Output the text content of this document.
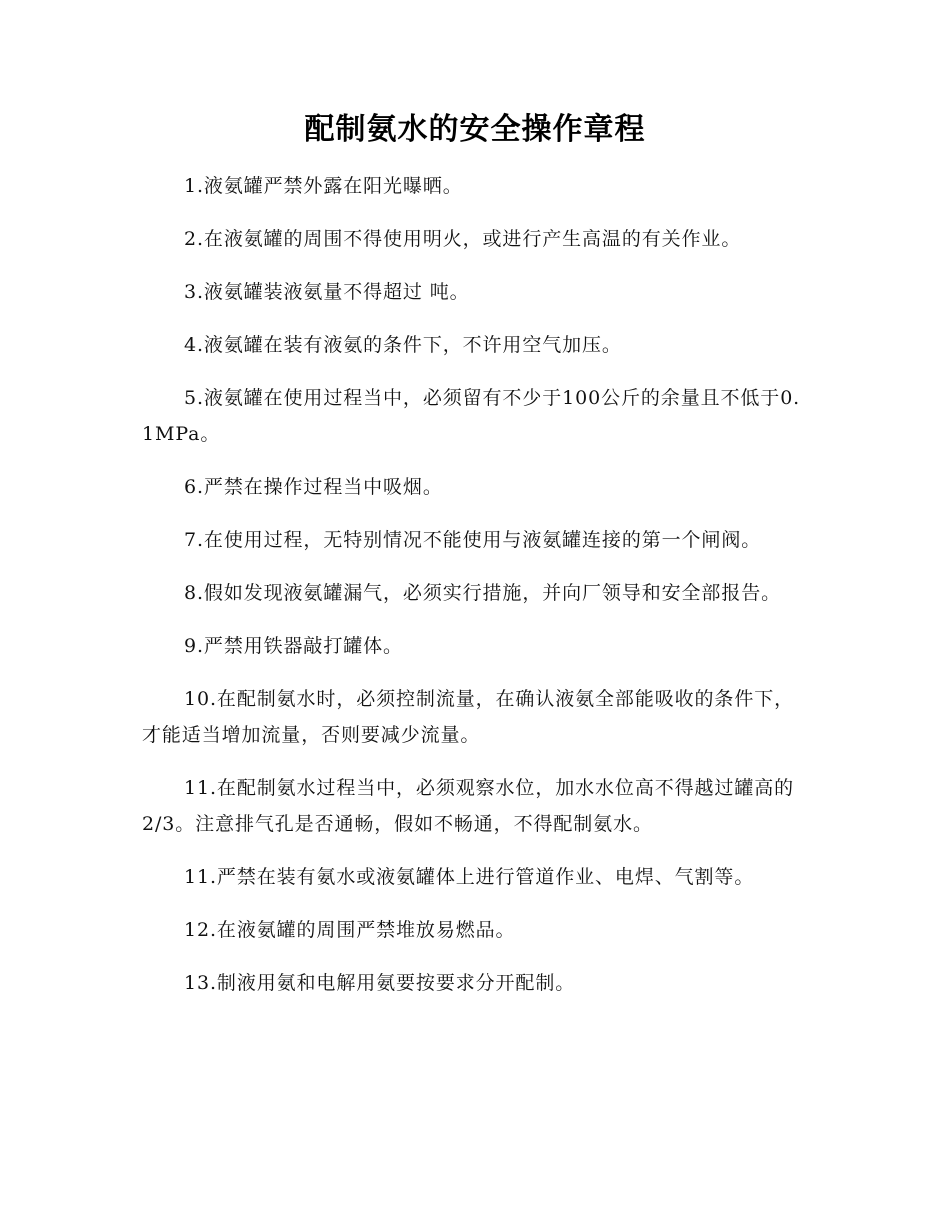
配制氨水的安全操作章程

1.液氨罐严禁外露在阳光曝晒。

2.在液氨罐的周围不得使用明火，或进行产生高温的有关作业。

3.液氨罐装液氨量不得超过 吨。

4.液氨罐在装有液氨的条件下，不许用空气加压。

5.液氨罐在使用过程当中，必须留有不少于100公斤的余量且不低于0.1MPa。

6.严禁在操作过程当中吸烟。

7.在使用过程，无特别情况不能使用与液氨罐连接的第一个闸阀。

8.假如发现液氨罐漏气，必须实行措施，并向厂领导和安全部报告。

9.严禁用铁器敲打罐体。

10.在配制氨水时，必须控制流量，在确认液氨全部能吸收的条件下，才能适当增加流量，否则要减少流量。

11.在配制氨水过程当中，必须观察水位，加水水位高不得越过罐高的2/3。注意排气孔是否通畅，假如不畅通，不得配制氨水。

11.严禁在装有氨水或液氨罐体上进行管道作业、电焊、气割等。

12.在液氨罐的周围严禁堆放易燃品。

13.制液用氨和电解用氨要按要求分开配制。
